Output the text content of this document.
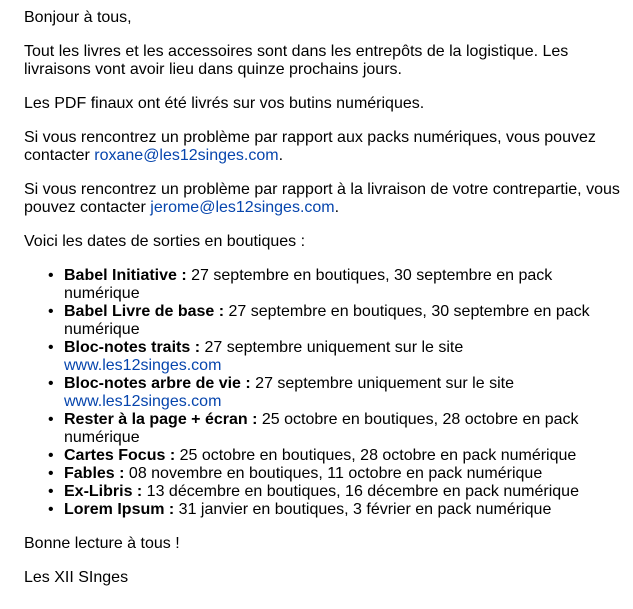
Bonjour à tous,

Tout les livres et les accessoires sont dans les entrepôts de la logistique. Les livraisons vont avoir lieu dans quinze prochains jours.

Les PDF finaux ont été livrés sur vos butins numériques.

Si vous rencontrez un problème par rapport aux packs numériques, vous pouvez contacter roxane@les12singes.com.

Si vous rencontrez un problème par rapport à la livraison de votre contrepartie, vous pouvez contacter jerome@les12singes.com.

Voici les dates de sorties en boutiques :

• Babel Initiative : 27 septembre en boutiques, 30 septembre en pack numérique
• Babel Livre de base : 27 septembre en boutiques, 30 septembre en pack numérique
• Bloc-notes traits : 27 septembre uniquement sur le site www.les12singes.com
• Bloc-notes arbre de vie : 27 septembre uniquement sur le site www.les12singes.com
• Rester à la page + écran : 25 octobre en boutiques, 28 octobre en pack numérique
• Cartes Focus : 25 octobre en boutiques, 28 octobre en pack numérique
• Fables : 08 novembre en boutiques, 11 octobre en pack numérique
• Ex-Libris : 13 décembre en boutiques, 16 décembre en pack numérique
• Lorem Ipsum : 31 janvier en boutiques, 3 février en pack numérique

Bonne lecture à tous !

Les XII SInges
